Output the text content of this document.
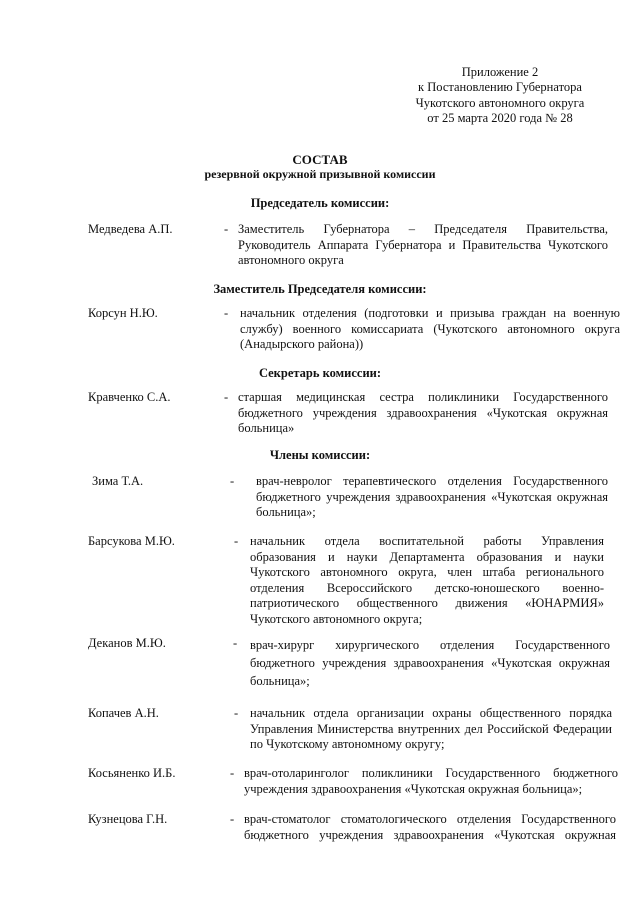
Приложение 2
к Постановлению Губернатора
Чукотского автономного округа
от 25 марта 2020 года № 28
СОСТАВ
резервной окружной призывной комиссии
Председатель комиссии:
Медведева А.П.	- Заместитель Губернатора – Председателя Правительства, Руководитель Аппарата Губернатора и Правительства Чукотского автономного округа
Заместитель Председателя комиссии:
Корсун Н.Ю.	- начальник отделения (подготовки и призыва граждан на военную службу) военного комиссариата (Чукотского автономного округа (Анадырского района))
Секретарь комиссии:
Кравченко С.А.	- старшая медицинская сестра поликлиники Государственного бюджетного учреждения здравоохранения «Чукотская окружная больница»
Члены комиссии:
Зима Т.А.	- врач-невролог терапевтического отделения Государственного бюджетного учреждения здравоохранения «Чукотская окружная больница»;
Барсукова М.Ю.	- начальник отдела воспитательной работы Управления образования и науки Департамента образования и науки Чукотского автономного округа, член штаба регионального отделения Всероссийского детско-юношеского военно-патриотического общественного движения «ЮНАРМИЯ» Чукотского автономного округа;
Деканов М.Ю.	- врач-хирург хирургического отделения Государственного бюджетного учреждения здравоохранения «Чукотская окружная больница»;
Копачев А.Н.	- начальник отдела организации охраны общественного порядка Управления Министерства внутренних дел Российской Федерации по Чукотскому автономному округу;
Косьяненко И.Б.	- врач-отоларинголог поликлиники Государственного бюджетного учреждения здравоохранения «Чукотская окружная больница»;
Кузнецова Г.Н.	- врач-стоматолог стоматологического отделения Государственного бюджетного учреждения здравоохранения «Чукотская окружная
